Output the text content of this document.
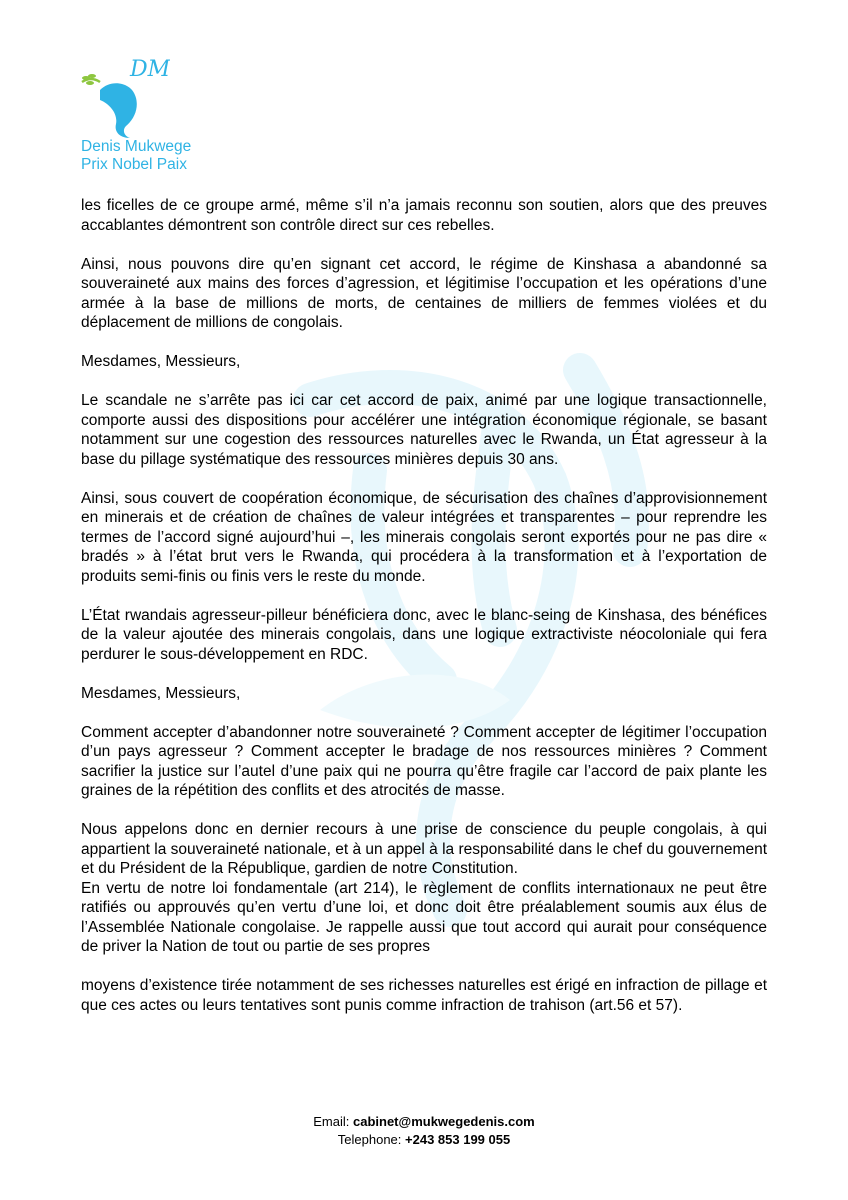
DM
Denis Mukwege
Prix Nobel Paix

les ficelles de ce groupe armé, même s’il n’a jamais reconnu son soutien, alors que des preuves accablantes démontrent son contrôle direct sur ces rebelles.

Ainsi, nous pouvons dire qu’en signant cet accord, le régime de Kinshasa a abandonné sa souveraineté aux mains des forces d’agression, et légitimise l’occupation et les opérations d’une armée à la base de millions de morts, de centaines de milliers de femmes violées et du déplacement de millions de congolais.

Mesdames, Messieurs,

Le scandale ne s’arrête pas ici car cet accord de paix, animé par une logique transactionnelle, comporte aussi des dispositions pour accélérer une intégration économique régionale, se basant notamment sur une cogestion des ressources naturelles avec le Rwanda, un État agresseur à la base du pillage systématique des ressources minières depuis 30 ans.

Ainsi, sous couvert de coopération économique, de sécurisation des chaînes d’approvisionnement en minerais et de création de chaînes de valeur intégrées et transparentes – pour reprendre les termes de l’accord signé aujourd’hui –, les minerais congolais seront exportés pour ne pas dire « bradés » à l’état brut vers le Rwanda, qui procédera à la transformation et à l’exportation de produits semi-finis ou finis vers le reste du monde.

L’État rwandais agresseur-pilleur bénéficiera donc, avec le blanc-seing de Kinshasa, des bénéfices de la valeur ajoutée des minerais congolais, dans une logique extractiviste néocoloniale qui fera perdurer le sous-développement en RDC.

Mesdames, Messieurs,

Comment accepter d’abandonner notre souveraineté ? Comment accepter de légitimer l’occupation d’un pays agresseur ? Comment accepter le bradage de nos ressources minières ? Comment sacrifier la justice sur l’autel d’une paix qui ne pourra qu’être fragile car l’accord de paix plante les graines de la répétition des conflits et des atrocités de masse.

Nous appelons donc en dernier recours à une prise de conscience du peuple congolais, à qui appartient la souveraineté nationale, et à un appel à la responsabilité dans le chef du gouvernement et du Président de la République, gardien de notre Constitution.

En vertu de notre loi fondamentale (art 214), le règlement de conflits internationaux ne peut être ratifiés ou approuvés qu’en vertu d’une loi, et donc doit être préalablement soumis aux élus de l’Assemblée Nationale congolaise. Je rappelle aussi que tout accord qui aurait pour conséquence de priver la Nation de tout ou partie de ses propres

moyens d’existence tirée notamment de ses richesses naturelles est érigé en infraction de pillage et que ces actes ou leurs tentatives sont punis comme infraction de trahison (art.56 et 57).

Email: cabinet@mukwegedenis.com
Telephone: +243 853 199 055
